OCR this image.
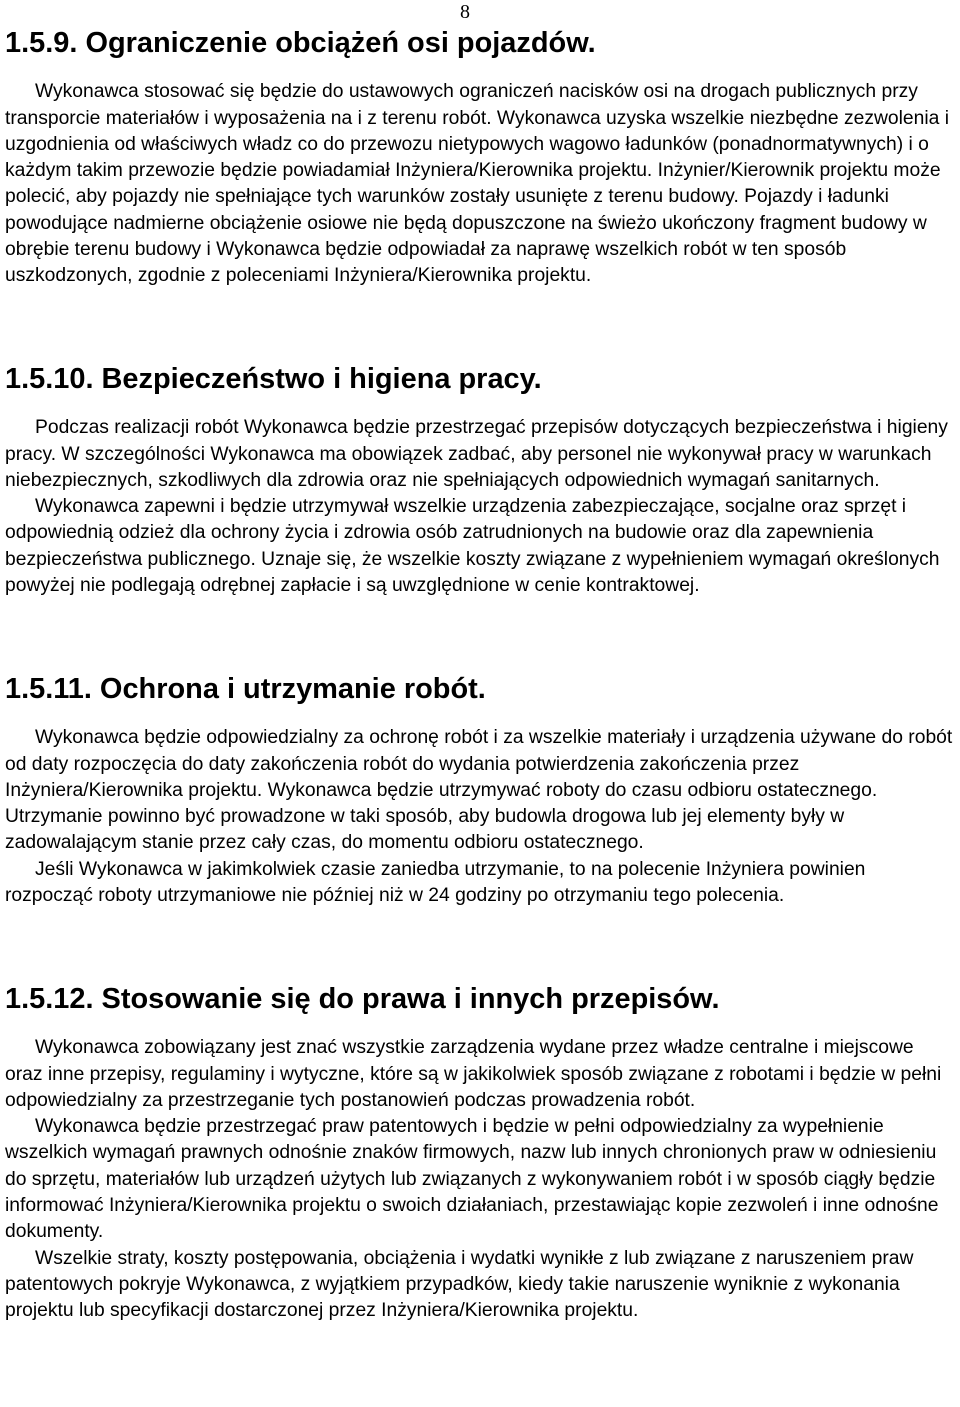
8
1.5.9. Ograniczenie obciążeń osi pojazdów.

Wykonawca stosować się będzie do ustawowych ograniczeń nacisków osi na drogach publicznych przy transporcie materiałów i wyposażenia na i z terenu robót. Wykonawca uzyska wszelkie niezbędne zezwolenia i uzgodnienia od właściwych władz co do przewozu nietypowych wagowo ładunków (ponadnormatywnych) i o każdym takim przewozie będzie powiadamiał Inżyniera/Kierownika projektu. Inżynier/Kierownik projektu może polecić, aby pojazdy nie spełniające tych warunków zostały usunięte z terenu budowy. Pojazdy i ładunki powodujące nadmierne obciążenie osiowe nie będą dopuszczone na świeżo ukończony fragment budowy w obrębie terenu budowy i Wykonawca będzie odpowiadał za naprawę wszelkich robót w ten sposób uszkodzonych, zgodnie z poleceniami Inżyniera/Kierownika projektu.

1.5.10. Bezpieczeństwo i higiena pracy.

Podczas realizacji robót Wykonawca będzie przestrzegać przepisów dotyczących bezpieczeństwa i higieny pracy. W szczególności Wykonawca ma obowiązek zadbać, aby personel nie wykonywał pracy w warunkach niebezpiecznych, szkodliwych dla zdrowia oraz nie spełniających odpowiednich wymagań sanitarnych.

Wykonawca zapewni i będzie utrzymywał wszelkie urządzenia zabezpieczające, socjalne oraz sprzęt i odpowiednią odzież dla ochrony życia i zdrowia osób zatrudnionych na budowie oraz dla zapewnienia bezpieczeństwa publicznego. Uznaje się, że wszelkie koszty związane z wypełnieniem wymagań określonych powyżej nie podlegają odrębnej zapłacie i są uwzględnione w cenie kontraktowej.

1.5.11. Ochrona i utrzymanie robót.

Wykonawca będzie odpowiedzialny za ochronę robót i za wszelkie materiały i urządzenia używane do robót od daty rozpoczęcia do daty zakończenia robót do wydania potwierdzenia zakończenia przez Inżyniera/Kierownika projektu. Wykonawca będzie utrzymywać roboty do czasu odbioru ostatecznego. Utrzymanie powinno być prowadzone w taki sposób, aby budowla drogowa lub jej elementy były w zadowalającym stanie przez cały czas, do momentu odbioru ostatecznego.

Jeśli Wykonawca w jakimkolwiek czasie zaniedba utrzymanie, to na polecenie Inżyniera powinien rozpocząć roboty utrzymaniowe nie później niż w 24 godziny po otrzymaniu tego polecenia.

1.5.12. Stosowanie się do prawa i innych przepisów.

Wykonawca zobowiązany jest znać wszystkie zarządzenia wydane przez władze centralne i miejscowe oraz inne przepisy, regulaminy i wytyczne, które są w jakikolwiek sposób związane z robotami i będzie w pełni odpowiedzialny za przestrzeganie tych postanowień podczas prowadzenia robót.

Wykonawca będzie przestrzegać praw patentowych i będzie w pełni odpowiedzialny za wypełnienie wszelkich wymagań prawnych odnośnie znaków firmowych, nazw lub innych chronionych praw w odniesieniu do sprzętu, materiałów lub urządzeń użytych lub związanych z wykonywaniem robót i w sposób ciągły będzie informować Inżyniera/Kierownika projektu o swoich działaniach, przestawiając kopie zezwoleń i inne odnośne dokumenty.

Wszelkie straty, koszty postępowania, obciążenia i wydatki wynikłe z lub związane z naruszeniem praw patentowych pokryje Wykonawca, z wyjątkiem przypadków, kiedy takie naruszenie wyniknie z wykonania projektu lub specyfikacji dostarczonej przez Inżyniera/Kierownika projektu.
